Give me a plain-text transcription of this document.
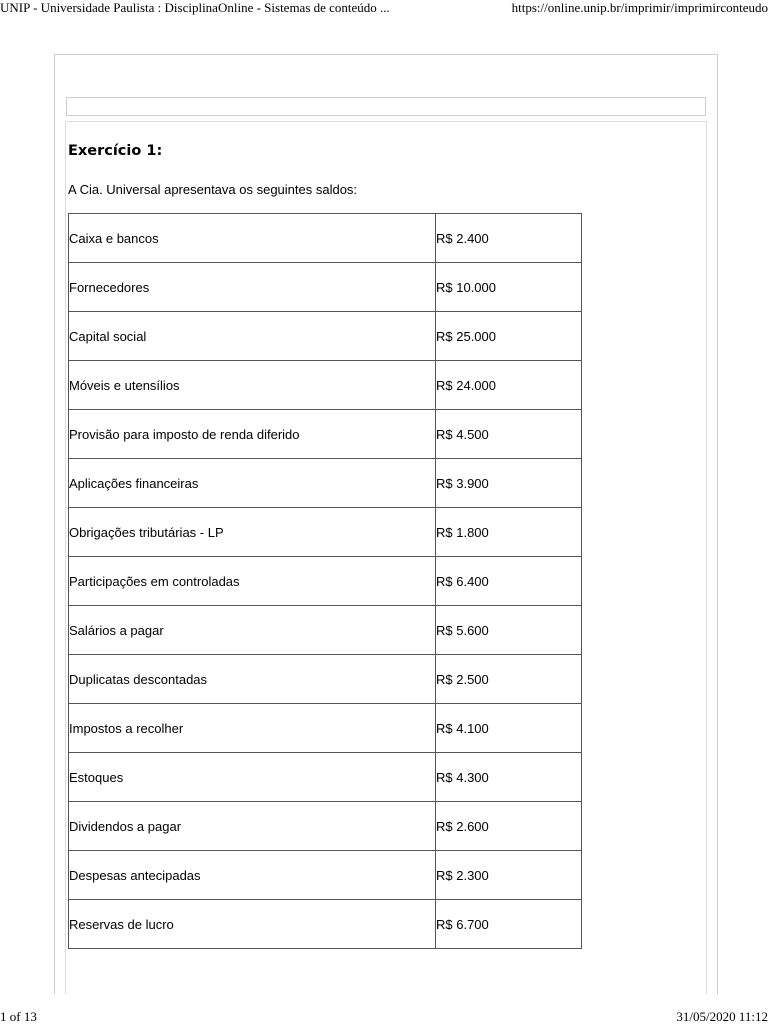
UNIP - Universidade Paulista : DisciplinaOnline - Sistemas de conteúdo ...	https://online.unip.br/imprimir/imprimirconteudo
Exercício 1:
A Cia. Universal apresentava os seguintes saldos:
Caixa e bancos	R$ 2.400
Fornecedores	R$ 10.000
Capital social	R$ 25.000
Móveis e utensílios	R$ 24.000
Provisão para imposto de renda diferido	R$ 4.500
Aplicações financeiras	R$ 3.900
Obrigações tributárias - LP	R$ 1.800
Participações em controladas	R$ 6.400
Salários a pagar	R$ 5.600
Duplicatas descontadas	R$ 2.500
Impostos a recolher	R$ 4.100
Estoques	R$ 4.300
Dividendos a pagar	R$ 2.600
Despesas antecipadas	R$ 2.300
Reservas de lucro	R$ 6.700
1 of 13	31/05/2020 11:12
